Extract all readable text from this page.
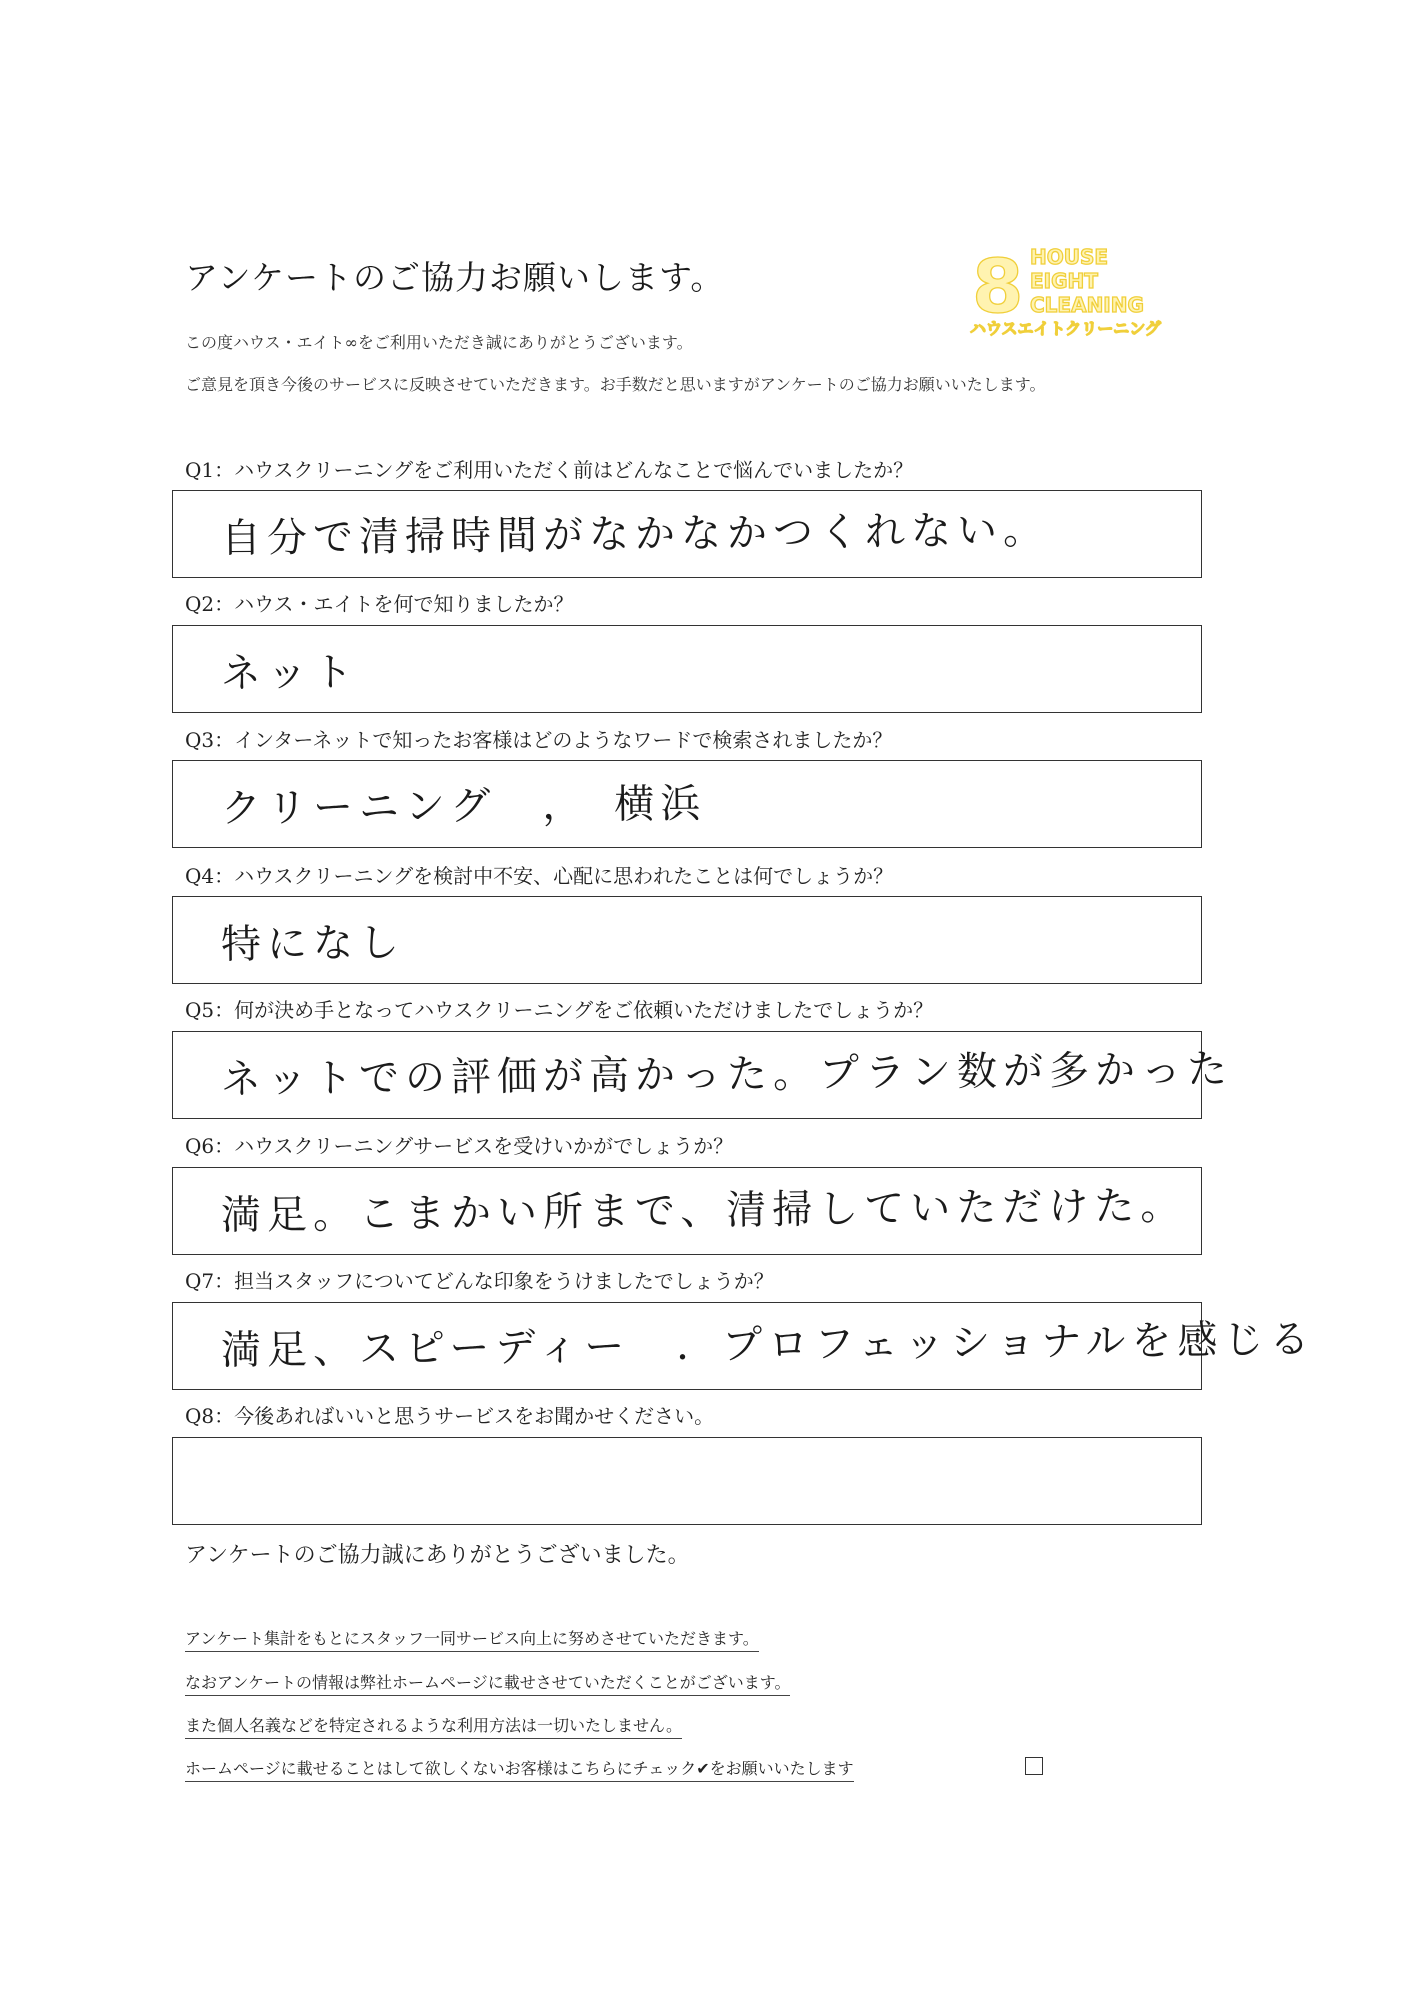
アンケートのご協力お願いします。	8 HOUSE
EIGHT
CLEANING
ハウスエイトクリーニング
この度ハウス・エイト∞をご利用いただき誠にありがとうございます。
ご意見を頂き今後のサービスに反映させていただきます。お手数だと思いますがアンケートのご協力お願いいたします。
Q1：ハウスクリーニングをご利用いただく前はどんなことで悩んでいましたか？
自分で清掃時間がなかなかつくれない。
Q2：ハウス・エイトを何で知りましたか？
ネット
Q3：インターネットで知ったお客様はどのようなワードで検索されましたか？
クリーニング　，　横浜
Q4：ハウスクリーニングを検討中不安、心配に思われたことは何でしょうか？
特になし
Q5：何が決め手となってハウスクリーニングをご依頼いただけましたでしょうか？
ネットでの評価が高かった。プラン数が多かった
Q6：ハウスクリーニングサービスを受けいかがでしょうか？
満足。こまかい所まで、清掃していただけた。
Q7：担当スタッフについてどんな印象をうけましたでしょうか？
満足、スピーディー　．プロフェッショナルを感じる
Q8：今後あればいいと思うサービスをお聞かせください。
アンケートのご協力誠にありがとうございました。
アンケート集計をもとにスタッフ一同サービス向上に努めさせていただきます。
なおアンケートの情報は弊社ホームページに載せさせていただくことがございます。
また個人名義などを特定されるような利用方法は一切いたしません。
ホームページに載せることはして欲しくないお客様はこちらにチェック✔をお願いいたします
